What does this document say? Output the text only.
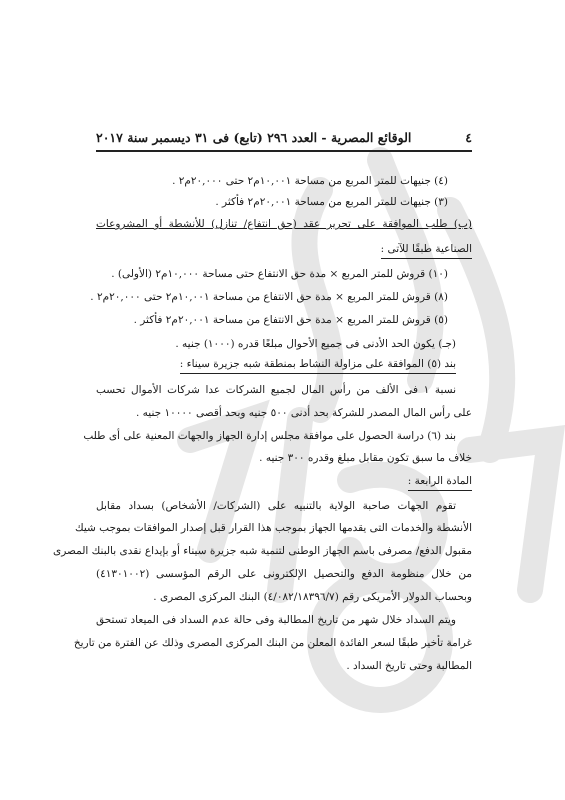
٤
الوقائع المصرية - العدد ٢٩٦ (تابع) فى ٣١ ديسمبر سنة ٢٠١٧
(٤) جنيهات للمتر المربع من مساحة ١٠,٠٠١م٢ حتى ٢٠,٠٠٠م٢ .
(٣) جنيهات للمتر المربع من مساحة ٢٠,٠٠١م٢ فأكثر .
(ب) طلب الموافقة على تحرير عقد (حق انتفاع/ تنازل) للأنشطة أو المشروعات
الصناعية طبقًا للآتى :
(١٠) قروش للمتر المربع × مدة حق الانتفاع حتى مساحة ١٠,٠٠٠م٢ (الأولى) .
(٨) قروش للمتر المربع × مدة حق الانتفاع من مساحة ١٠,٠٠١م٢ حتى ٢٠,٠٠٠م٢ .
(٥) قروش للمتر المربع × مدة حق الانتفاع من مساحة ٢٠,٠٠١م٢ فأكثر .
(جـ) يكون الحد الأدنى فى جميع الأحوال مبلغًا قدره (١٠٠٠) جنيه .
بند (٥) الموافقة على مزاولة النشاط بمنطقة شبه جزيرة سيناء :
نسبة ١ فى الألف من رأس المال لجميع الشركات عدا شركات الأموال تحسب
على رأس المال المصدر للشركة بحد أدنى ٥٠٠ جنيه وبحد أقصى ١٠٠٠٠ جنيه .
بند (٦) دراسة الحصول على موافقة مجلس إدارة الجهاز والجهات المعنية على أى طلب
خلاف ما سبق تكون مقابل مبلغ وقدره ٣٠٠ جنيه .
المادة الرابعة :
تقوم الجهات صاحبة الولاية بالتنبيه على (الشركات/ الأشخاص) بسداد مقابل
الأنشطة والخدمات التى يقدمها الجهاز بموجب هذا القرار قبل إصدار الموافقات بموجب شيك
مقبول الدفع/ مصرفى باسم الجهاز الوطنى لتنمية شبه جزيرة سيناء أو بإيداع نقدى بالبنك المصرى
من خلال منظومة الدفع والتحصيل الإلكترونى على الرقم المؤسسى (٤١٣٠١٠٠٢)
وبحساب الدولار الأمريكى رقم (٤/٠٨٢/١٨٣٩٦/٧) البنك المركزى المصرى .
ويتم السداد خلال شهر من تاريخ المطالبة وفى حالة عدم السداد فى الميعاد تستحق
غرامة تأخير طبقًا لسعر الفائدة المعلن من البنك المركزى المصرى وذلك عن الفترة من تاريخ
المطالبة وحتى تاريخ السداد .
